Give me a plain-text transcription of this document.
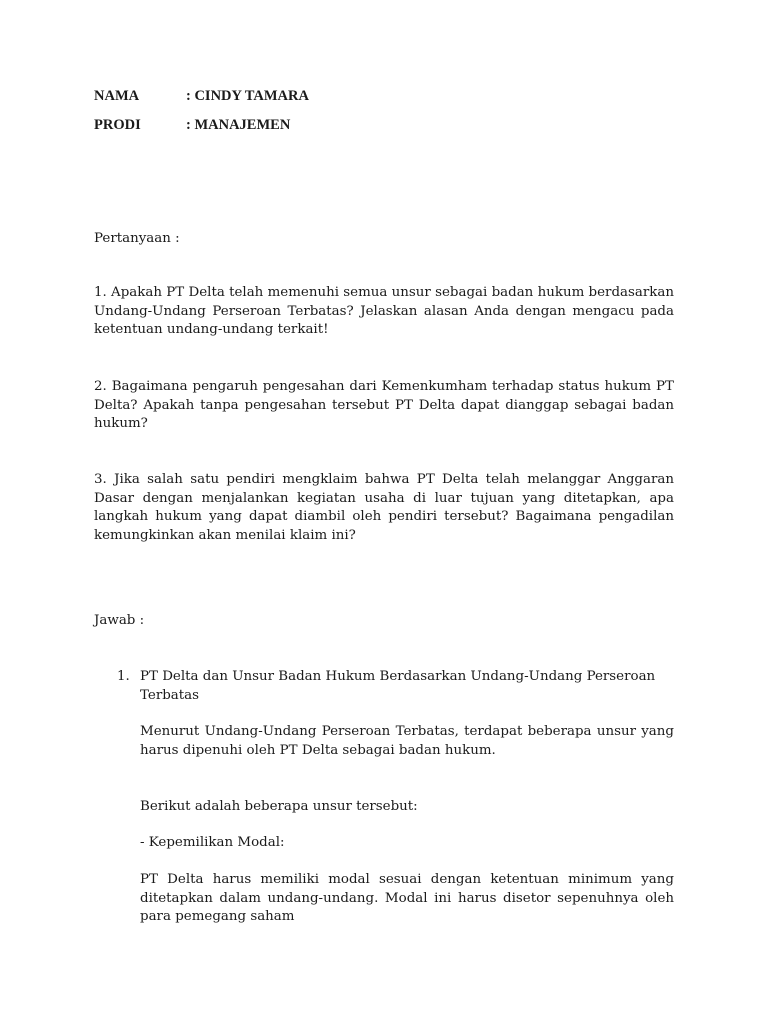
NAMA	: CINDY TAMARA
PRODI	: MANAJEMEN

Pertanyaan :

1. Apakah PT Delta telah memenuhi semua unsur sebagai badan hukum berdasarkan Undang-Undang Perseroan Terbatas? Jelaskan alasan Anda dengan mengacu pada ketentuan undang-undang terkait!

2. Bagaimana pengaruh pengesahan dari Kemenkumham terhadap status hukum PT Delta? Apakah tanpa pengesahan tersebut PT Delta dapat dianggap sebagai badan hukum?

3. Jika salah satu pendiri mengklaim bahwa PT Delta telah melanggar Anggaran Dasar dengan menjalankan kegiatan usaha di luar tujuan yang ditetapkan, apa langkah hukum yang dapat diambil oleh pendiri tersebut? Bagaimana pengadilan kemungkinkan akan menilai klaim ini?

Jawab :

1. PT Delta dan Unsur Badan Hukum Berdasarkan Undang-Undang Perseroan Terbatas

Menurut Undang-Undang Perseroan Terbatas, terdapat beberapa unsur yang harus dipenuhi oleh PT Delta sebagai badan hukum.

Berikut adalah beberapa unsur tersebut:

- Kepemilikan Modal:

PT Delta harus memiliki modal sesuai dengan ketentuan minimum yang ditetapkan dalam undang-undang. Modal ini harus disetor sepenuhnya oleh para pemegang saham
